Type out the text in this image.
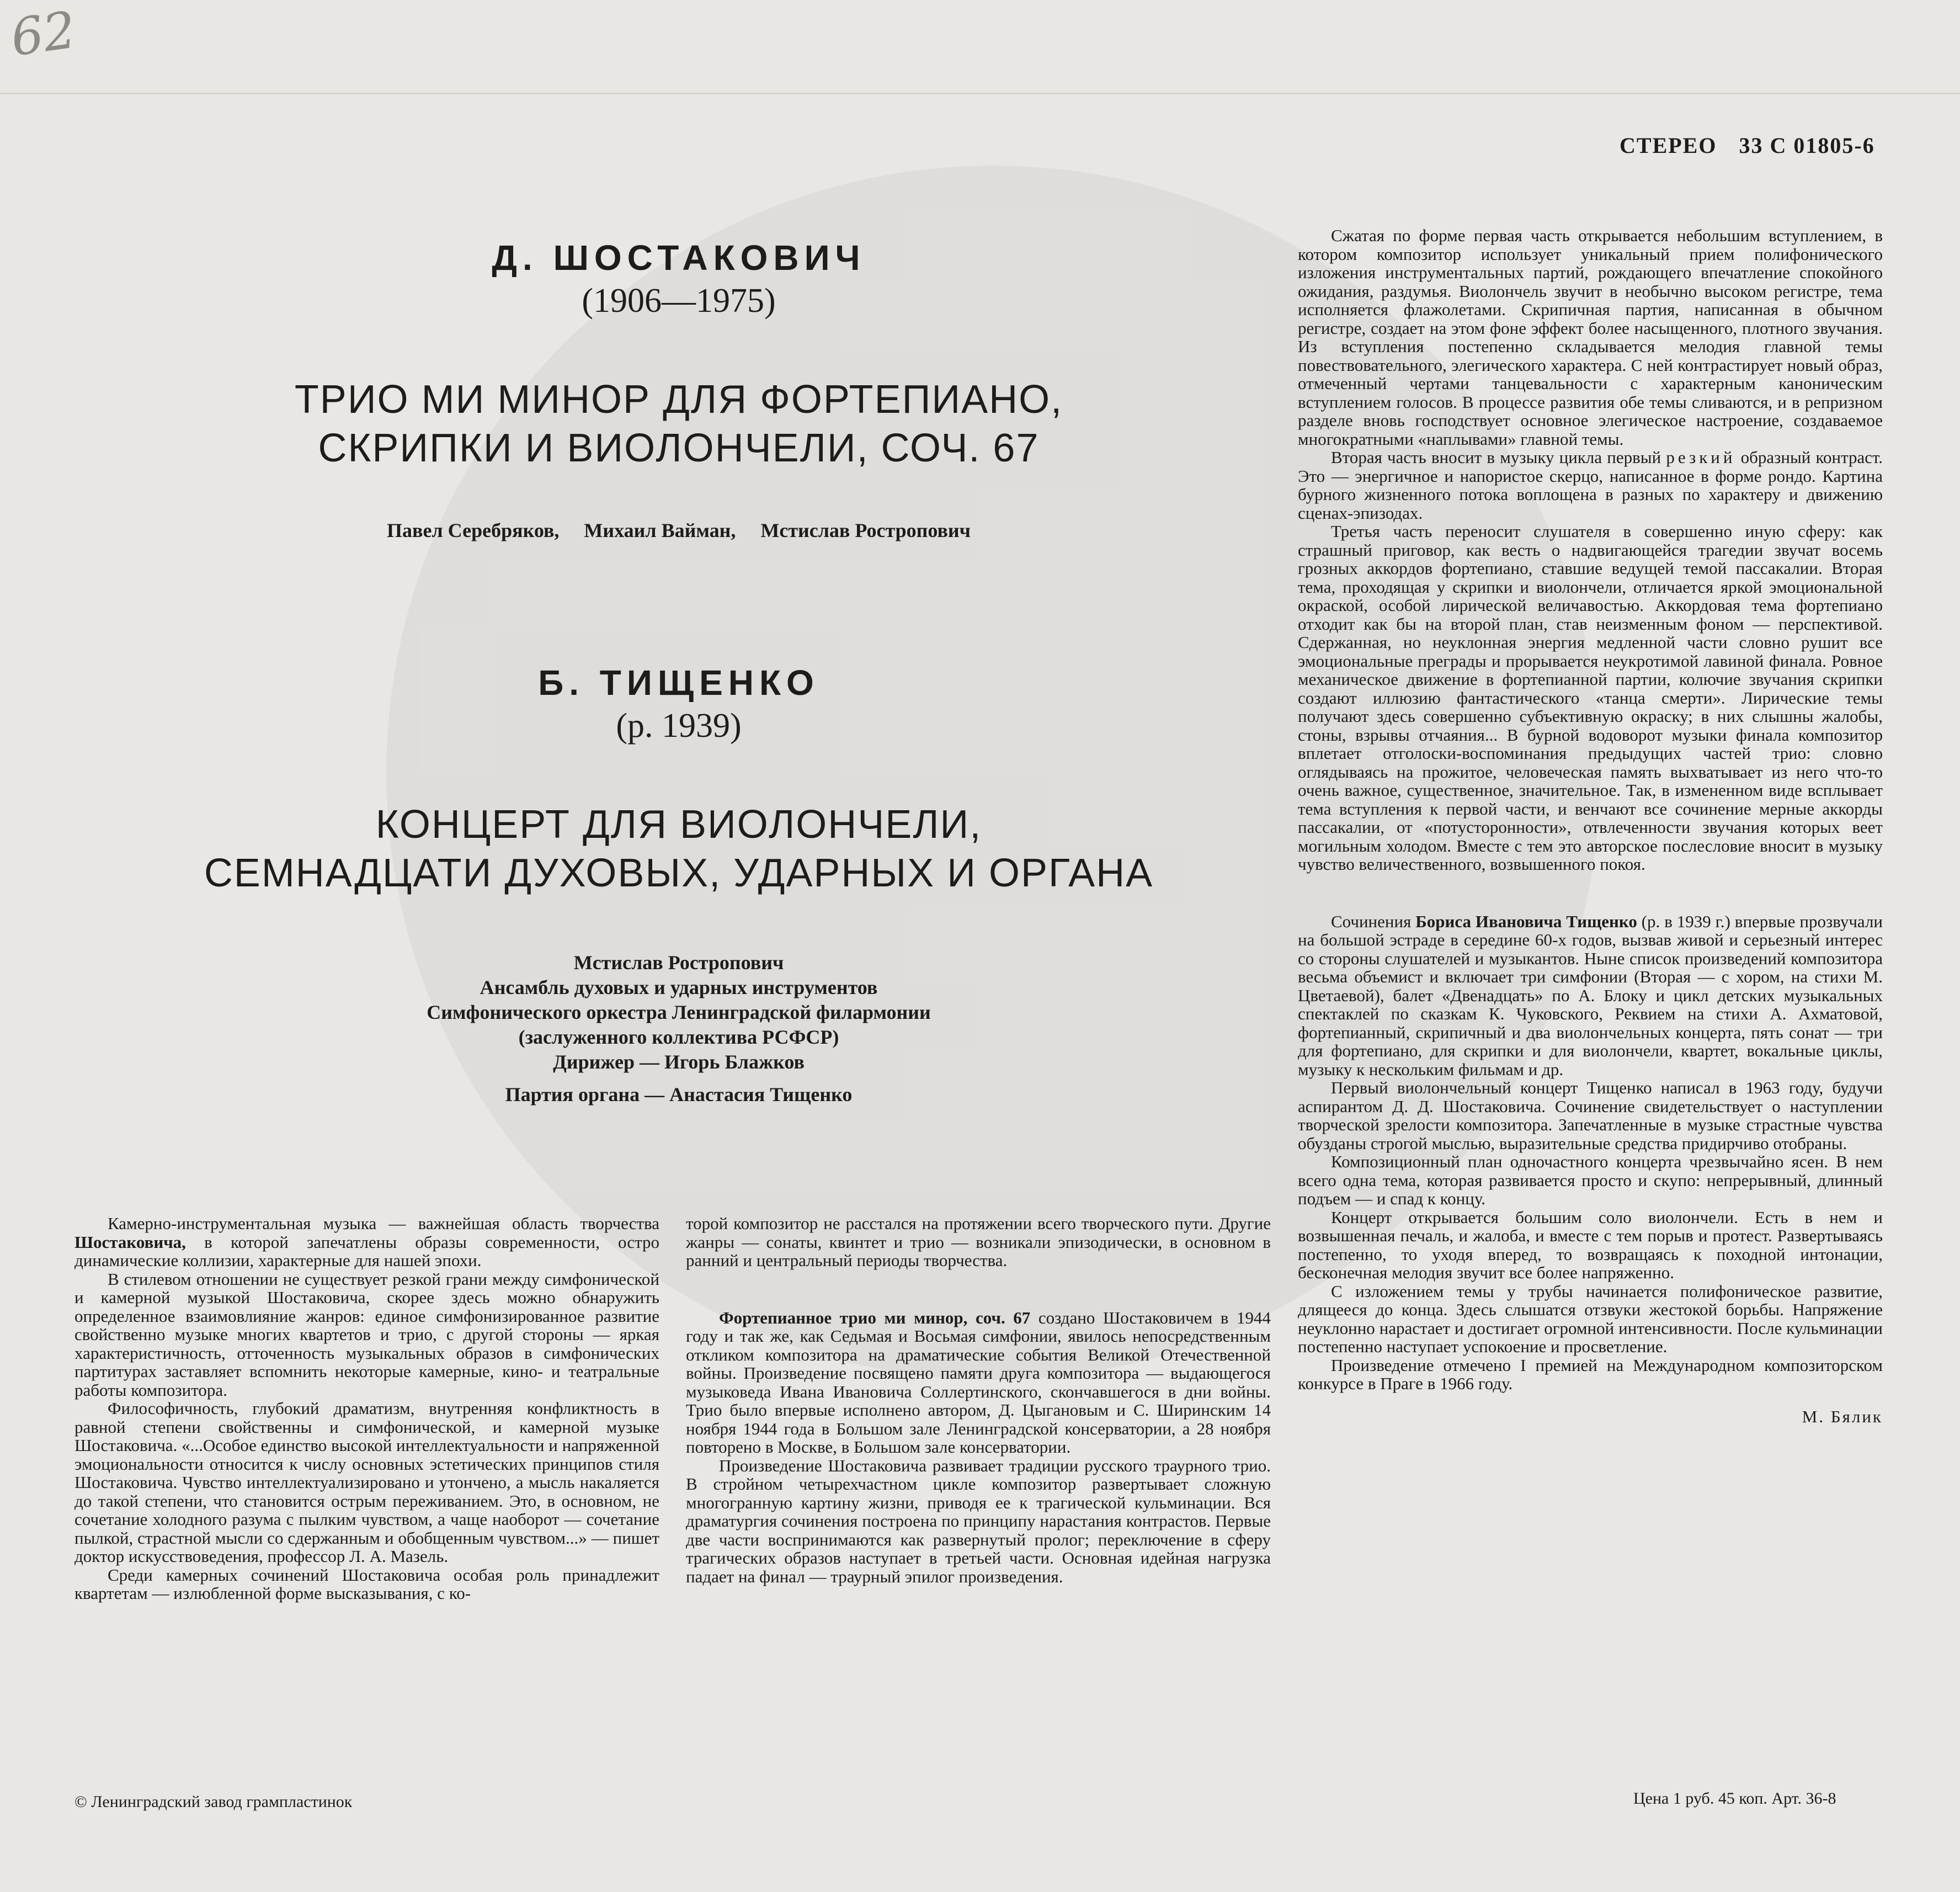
62
СТЕРЕО 33 С 01805-6
Д. ШОСТАКОВИЧ
(1906—1975)
ТРИО МИ МИНОР ДЛЯ ФОРТЕПИАНО,
СКРИПКИ И ВИОЛОНЧЕЛИ, СОЧ. 67
Павел Серебряков, Михаил Вайман, Мстислав Ростропович
Б. ТИЩЕНКО
(р. 1939)
КОНЦЕРТ ДЛЯ ВИОЛОНЧЕЛИ,
СЕМНАДЦАТИ ДУХОВЫХ, УДАРНЫХ И ОРГАНА
Мстислав Ростропович
Ансамбль духовых и ударных инструментов
Симфонического оркестра Ленинградской филармонии
(заслуженного коллектива РСФСР)
Дирижер — Игорь Блажков
Партия органа — Анастасия Тищенко

Камерно-инструментальная музыка — важнейшая область творчества Шостаковича, в которой запечатлены образы современности, остро динамические коллизии, характерные для нашей эпохи.

В стилевом отношении не существует резкой грани между симфонической и камерной музыкой Шостаковича, скорее здесь можно обнаружить определенное взаимовлияние жанров: единое симфонизированное развитие свойственно музыке многих квартетов и трио, с другой стороны — яркая характеристичность, отточенность музыкальных образов в симфонических партитурах заставляет вспомнить некоторые камерные, кино- и театральные работы композитора.

Философичность, глубокий драматизм, внутренняя конфликтность в равной степени свойственны и симфонической, и камерной музыке Шостаковича. «...Особое единство высокой интеллектуальности и напряженной эмоциональности относится к числу основных эстетических принципов стиля Шостаковича. Чувство интеллектуализировано и утончено, а мысль накаляется до такой степени, что становится острым переживанием. Это, в основном, не сочетание холодного разума с пылким чувством, а чаще наоборот — сочетание пылкой, страстной мысли со сдержанным и обобщенным чувством...» — пишет доктор искусствоведения, профессор Л. А. Мазель.

Среди камерных сочинений Шостаковича особая роль принадлежит квартетам — излюбленной форме высказывания, с ко-

торой композитор не расстался на протяжении всего творческого пути. Другие жанры — сонаты, квинтет и трио — возникали эпизодически, в основном в ранний и центральный периоды творчества.

Фортепианное трио ми минор, соч. 67 создано Шостаковичем в 1944 году и так же, как Седьмая и Восьмая симфонии, явилось непосредственным откликом композитора на драматические события Великой Отечественной войны. Произведение посвящено памяти друга композитора — выдающегося музыковеда Ивана Ивановича Соллертинского, скончавшегося в дни войны. Трио было впервые исполнено автором, Д. Цыгановым и С. Ширинским 14 ноября 1944 года в Большом зале Ленинградской консерватории, а 28 ноября повторено в Москве, в Большом зале консерватории.

Произведение Шостаковича развивает традиции русского траурного трио. В стройном четырехчастном цикле композитор развертывает сложную многогранную картину жизни, приводя ее к трагической кульминации. Вся драматургия сочинения построена по принципу нарастания контрастов. Первые две части воспринимаются как развернутый пролог; переключение в сферу трагических образов наступает в третьей части. Основная идейная нагрузка падает на финал — траурный эпилог произведения.

Сжатая по форме первая часть открывается небольшим вступлением, в котором композитор использует уникальный прием полифонического изложения инструментальных партий, рождающего впечатление спокойного ожидания, раздумья. Виолончель звучит в необычно высоком регистре, тема исполняется флажолетами. Скрипичная партия, написанная в обычном регистре, создает на этом фоне эффект более насыщенного, плотного звучания. Из вступления постепенно складывается мелодия главной темы повествовательного, элегического характера. С ней контрастирует новый образ, отмеченный чертами танцевальности с характерным каноническим вступлением голосов. В процессе развития обе темы сливаются, и в репризном разделе вновь господствует основное элегическое настроение, создаваемое многократными «наплывами» главной темы.

Вторая часть вносит в музыку цикла первый резкий образный контраст. Это — энергичное и напористое скерцо, написанное в форме рондо. Картина бурного жизненного потока воплощена в разных по характеру и движению сценах-эпизодах.

Третья часть переносит слушателя в совершенно иную сферу: как страшный приговор, как весть о надвигающейся трагедии звучат восемь грозных аккордов фортепиано, ставшие ведущей темой пассакалии. Вторая тема, проходящая у скрипки и виолончели, отличается яркой эмоциональной окраской, особой лирической величавостью. Аккордовая тема фортепиано отходит как бы на второй план, став неизменным фоном — перспективой. Сдержанная, но неуклонная энергия медленной части словно рушит все эмоциональные преграды и прорывается неукротимой лавиной финала. Ровное механическое движение в фортепианной партии, колючие звучания скрипки создают иллюзию фантастического «танца смерти». Лирические темы получают здесь совершенно субъективную окраску; в них слышны жалобы, стоны, взрывы отчаяния... В бурной водоворот музыки финала композитор вплетает отголоски-воспоминания предыдущих частей трио: словно оглядываясь на прожитое, человеческая память выхватывает из него что-то очень важное, существенное, значительное. Так, в измененном виде всплывает тема вступления к первой части, и венчают все сочинение мерные аккорды пассакалии, от «потусторонности», отвлеченности звучания которых веет могильным холодом. Вместе с тем это авторское послесловие вносит в музыку чувство величественного, возвышенного покоя.

Сочинения Бориса Ивановича Тищенко (р. в 1939 г.) впервые прозвучали на большой эстраде в середине 60-х годов, вызвав живой и серьезный интерес со стороны слушателей и музыкантов. Ныне список произведений композитора весьма объемист и включает три симфонии (Вторая — с хором, на стихи М. Цветаевой), балет «Двенадцать» по А. Блоку и цикл детских музыкальных спектаклей по сказкам К. Чуковского, Реквием на стихи А. Ахматовой, фортепианный, скрипичный и два виолончельных концерта, пять сонат — три для фортепиано, для скрипки и для виолончели, квартет, вокальные циклы, музыку к нескольким фильмам и др.

Первый виолончельный концерт Тищенко написал в 1963 году, будучи аспирантом Д. Д. Шостаковича. Сочинение свидетельствует о наступлении творческой зрелости композитора. Запечатленные в музыке страстные чувства обузданы строгой мыслью, выразительные средства придирчиво отобраны.

Композиционный план одночастного концерта чрезвычайно ясен. В нем всего одна тема, которая развивается просто и скупо: непрерывный, длинный подъем — и спад к концу.

Концерт открывается большим соло виолончели. Есть в нем и возвышенная печаль, и жалоба, и вместе с тем порыв и протест. Развертываясь постепенно, то уходя вперед, то возвращаясь к походной интонации, бесконечная мелодия звучит все более напряженно.

С изложением темы у трубы начинается полифоническое развитие, длящееся до конца. Здесь слышатся отзвуки жестокой борьбы. Напряжение неуклонно нарастает и достигает огромной интенсивности. После кульминации постепенно наступает успокоение и просветление.

Произведение отмечено I премией на Международном композиторском конкурсе в Праге в 1966 году.

М. Бялик
© Ленинградский завод грампластинок	Цена 1 руб. 45 коп. Арт. 36-8
